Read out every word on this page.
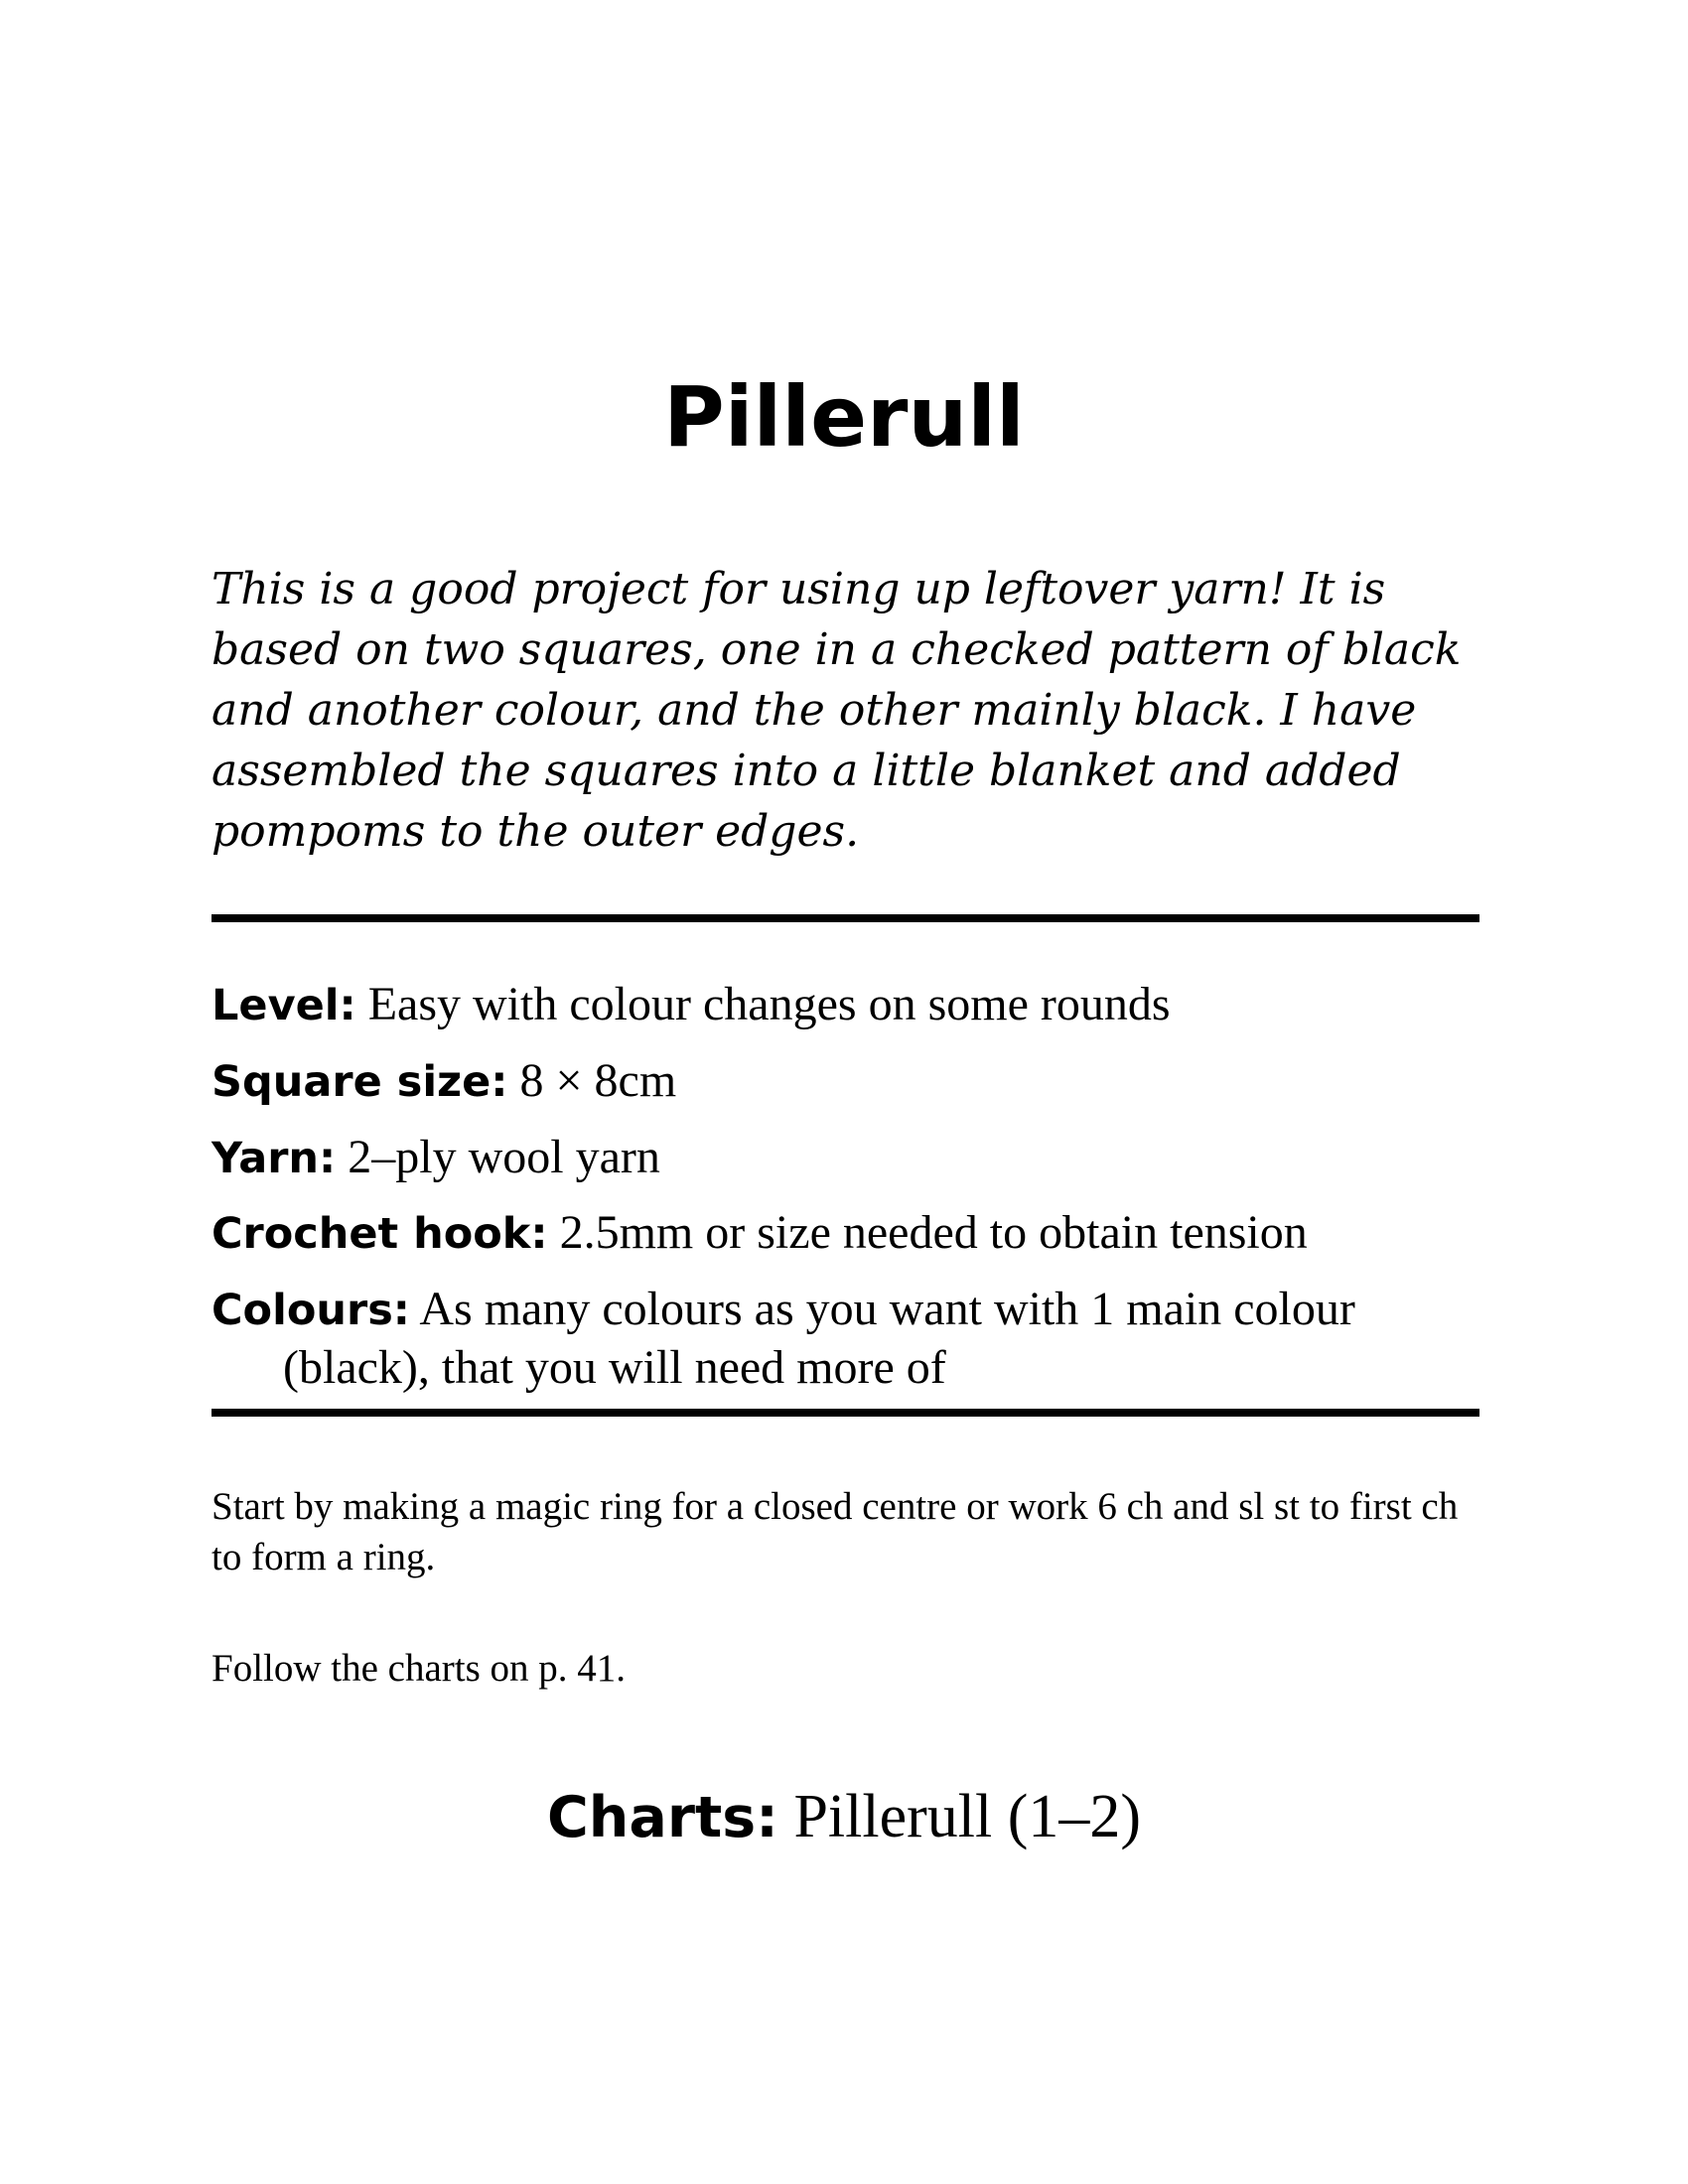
Pillerull

This is a good project for using up leftover yarn! It is based on two squares, one in a checked pattern of black and another colour, and the other mainly black. I have assembled the squares into a little blanket and added pompoms to the outer edges.

Level: Easy with colour changes on some rounds

Square size: 8 × 8cm

Yarn: 2–ply wool yarn

Crochet hook: 2.5mm or size needed to obtain tension

Colours: As many colours as you want with 1 main colour (black), that you will need more of

Start by making a magic ring for a closed centre or work 6 ch and sl st to first ch to form a ring.

Follow the charts on p. 41.

Charts: Pillerull (1–2)
